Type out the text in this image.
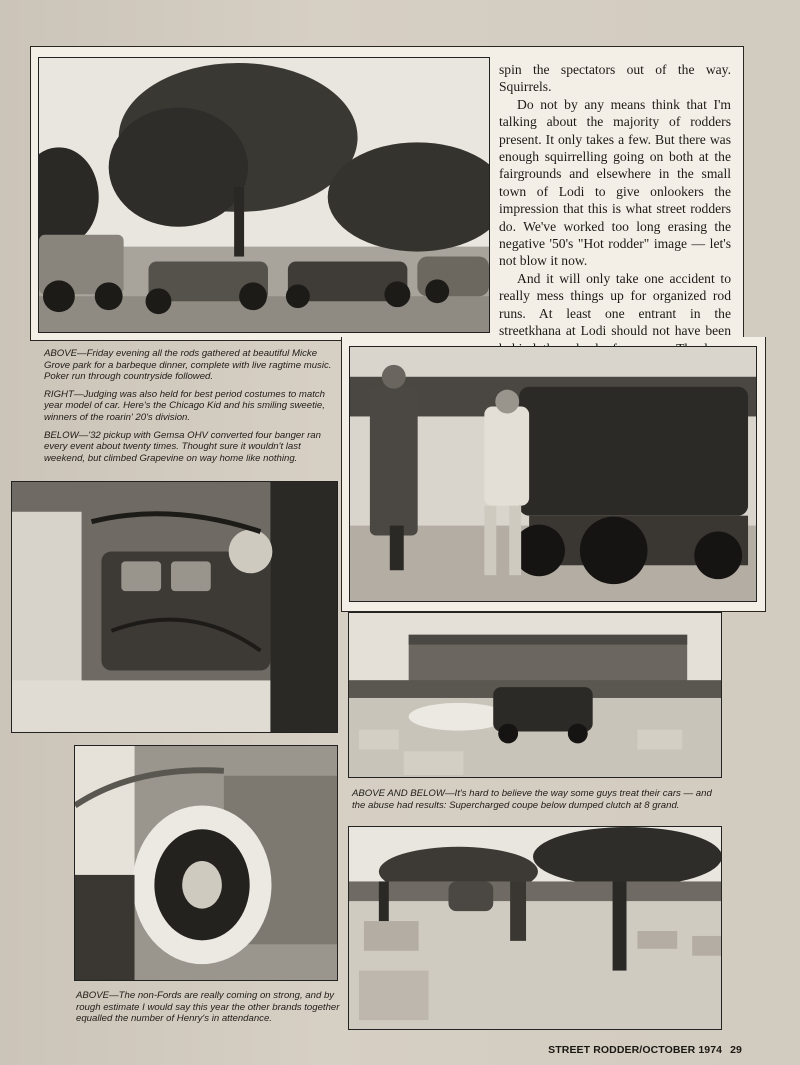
spin the spectators out of the way. Squirrels.

Do not by any means think that I'm talking about the majority of rodders present. It only takes a few. But there was enough squirrelling going on both at the fairgrounds and elsewhere in the small town of Lodi to give onlookers the impression that this is what street rodders do. We've worked too long erasing the negative '50's "Hot rodder" image — let's not blow it now.

And it will only take one accident to really mess things up for organized rod runs. At least one entrant in the streetkhana at Lodi should not have been

ABOVE—Friday evening all the rods gathered at beautiful Micke Grove park for a barbeque dinner, complete with live ragtime music. Poker run through countryside followed.

RIGHT—Judging was also held for best period costumes to match year model of car. Here's the Chicago Kid and his smiling sweetie, winners of the roarin' 20's division.

BELOW—'32 pickup with Gemsa OHV converted four banger ran every event about twenty times. Thought sure it wouldn't last weekend, but climbed Grapevine on way home like nothing.

ABOVE AND BELOW—It's hard to believe the way some guys treat their cars — and the abuse had results: Supercharged coupe below dumped clutch at 8 grand.

ABOVE—The non-Fords are really coming on strong, and by rough estimate I would say this year the other brands together equalled the number of Henry's in attendance.

STREET RODDER/OCTOBER 1974 29
